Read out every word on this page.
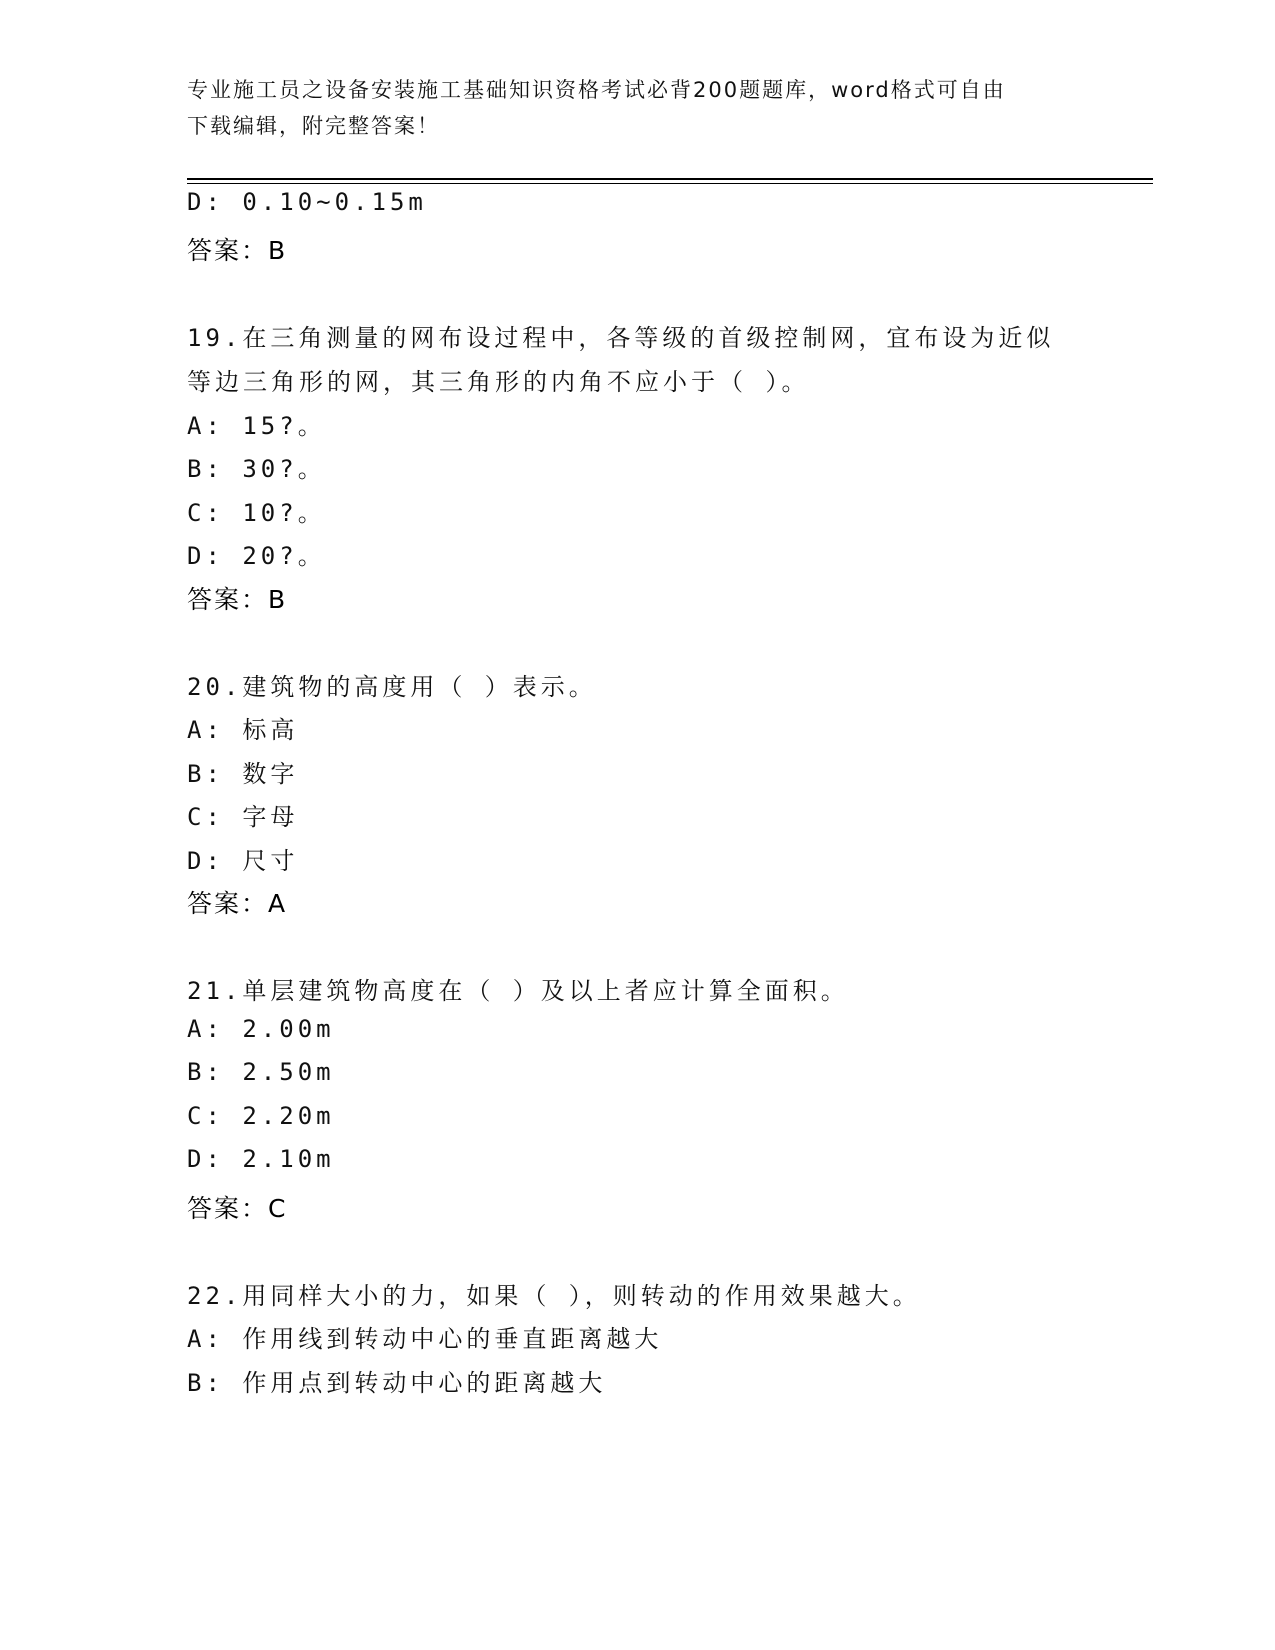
专业施工员之设备安装施工基础知识资格考试必背200题题库，word格式可自由
下载编辑，附完整答案！
D: 0.10~0.15m
答案：B
19.在三角测量的网布设过程中，各等级的首级控制网，宜布设为近似
等边三角形的网，其三角形的内角不应小于（ ）。
A: 15?。
B: 30?。
C: 10?。
D: 20?。
答案：B
20.建筑物的高度用（ ）表示。
A: 标高
B: 数字
C: 字母
D: 尺寸
答案：A
21.单层建筑物高度在（ ）及以上者应计算全面积。
A: 2.00m
B: 2.50m
C: 2.20m
D: 2.10m
答案：C
22.用同样大小的力，如果（ ），则转动的作用效果越大。
A: 作用线到转动中心的垂直距离越大
B: 作用点到转动中心的距离越大
